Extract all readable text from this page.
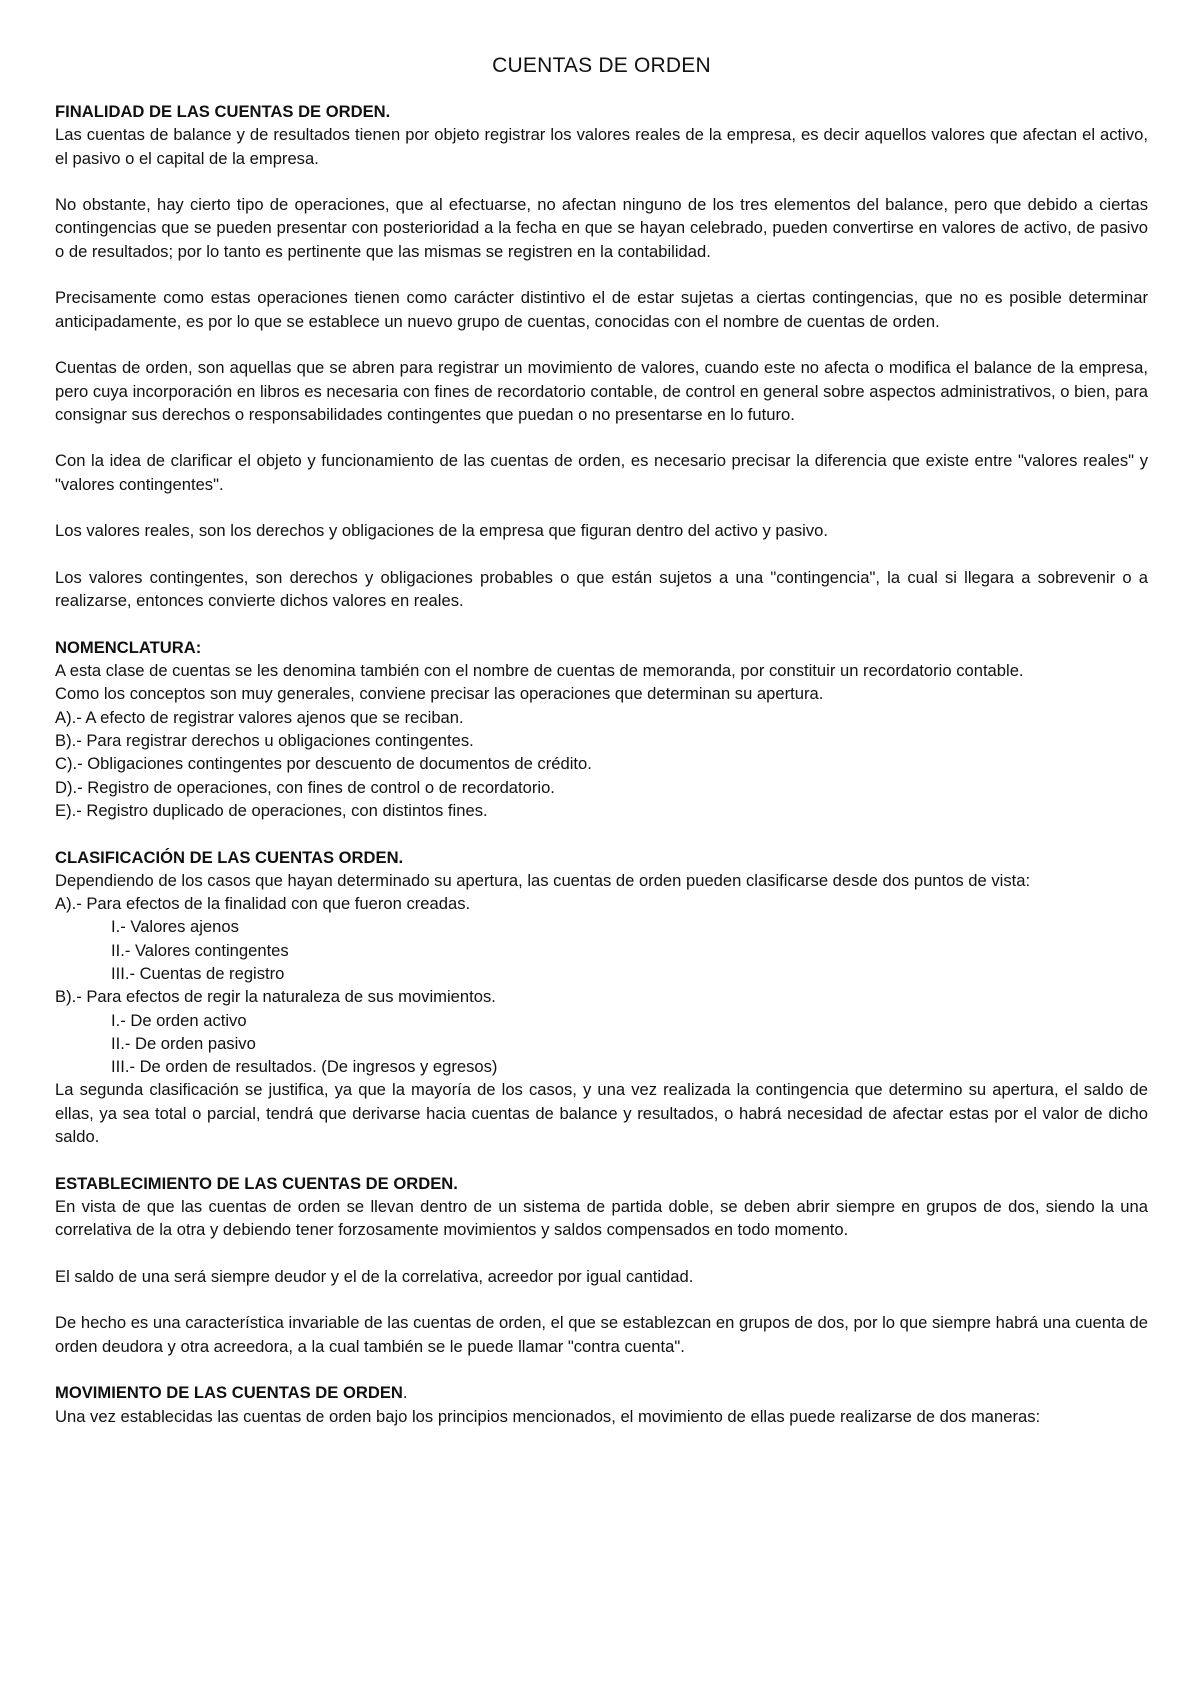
CUENTAS DE ORDEN
FINALIDAD DE LAS CUENTAS DE ORDEN.

Las cuentas de balance y de resultados tienen por objeto registrar los valores reales de la empresa, es decir aquellos valores que afectan el activo, el pasivo o el capital de la empresa.

No obstante, hay cierto tipo de operaciones, que al efectuarse, no afectan ninguno de los tres elementos del balance, pero que debido a ciertas contingencias que se pueden presentar con posterioridad a la fecha en que se hayan celebrado, pueden convertirse en valores de activo, de pasivo o de resultados; por lo tanto es pertinente que las mismas se registren en la contabilidad.

Precisamente como estas operaciones tienen como carácter distintivo el de estar sujetas a ciertas contingencias, que no es posible determinar anticipadamente, es por lo que se establece un nuevo grupo de cuentas, conocidas con el nombre de cuentas de orden.

Cuentas de orden, son aquellas que se abren para registrar un movimiento de valores, cuando este no afecta o modifica el balance de la empresa, pero cuya incorporación en libros es necesaria con fines de recordatorio contable, de control en general sobre aspectos administrativos, o bien, para consignar sus derechos o responsabilidades contingentes que puedan o no presentarse en lo futuro.

Con la idea de clarificar el objeto y funcionamiento de las cuentas de orden, es necesario precisar la diferencia que existe entre "valores reales" y "valores contingentes".

Los valores reales, son los derechos y obligaciones de la empresa que figuran dentro del activo y pasivo.

Los valores contingentes, son derechos y obligaciones probables o que están sujetos a una "contingencia", la cual si llegara a sobrevenir o a realizarse, entonces convierte dichos valores en reales.

NOMENCLATURA:

A esta clase de cuentas se les denomina también con el nombre de cuentas de memoranda, por constituir un recordatorio contable.

Como los conceptos son muy generales, conviene precisar las operaciones que determinan su apertura.

A).- A efecto de registrar valores ajenos que se reciban.
B).- Para registrar derechos u obligaciones contingentes.
C).- Obligaciones contingentes por descuento de documentos de crédito.
D).- Registro de operaciones, con fines de control o de recordatorio.
E).- Registro duplicado de operaciones, con distintos fines.
CLASIFICACIÓN DE LAS CUENTAS ORDEN.

Dependiendo de los casos que hayan determinado su apertura, las cuentas de orden pueden clasificarse desde dos puntos de vista:

A).- Para efectos de la finalidad con que fueron creadas.
I.- Valores ajenos
II.- Valores contingentes
III.- Cuentas de registro
B).- Para efectos de regir la naturaleza de sus movimientos.
I.- De orden activo
II.- De orden pasivo
III.- De orden de resultados. (De ingresos y egresos)

La segunda clasificación se justifica, ya que la mayoría de los casos, y una vez realizada la contingencia que determino su apertura, el saldo de ellas, ya sea total o parcial, tendrá que derivarse hacia cuentas de balance y resultados, o habrá necesidad de afectar estas por el valor de dicho saldo.

ESTABLECIMIENTO DE LAS CUENTAS DE ORDEN.

En vista de que las cuentas de orden se llevan dentro de un sistema de partida doble, se deben abrir siempre en grupos de dos, siendo la una correlativa de la otra y debiendo tener forzosamente movimientos y saldos compensados en todo momento.

El saldo de una será siempre deudor y el de la correlativa, acreedor por igual cantidad.

De hecho es una característica invariable de las cuentas de orden, el que se establezcan en grupos de dos, por lo que siempre habrá una cuenta de orden deudora y otra acreedora, a la cual también se le puede llamar "contra cuenta".

MOVIMIENTO DE LAS CUENTAS DE ORDEN.

Una vez establecidas las cuentas de orden bajo los principios mencionados, el movimiento de ellas puede realizarse de dos maneras:
